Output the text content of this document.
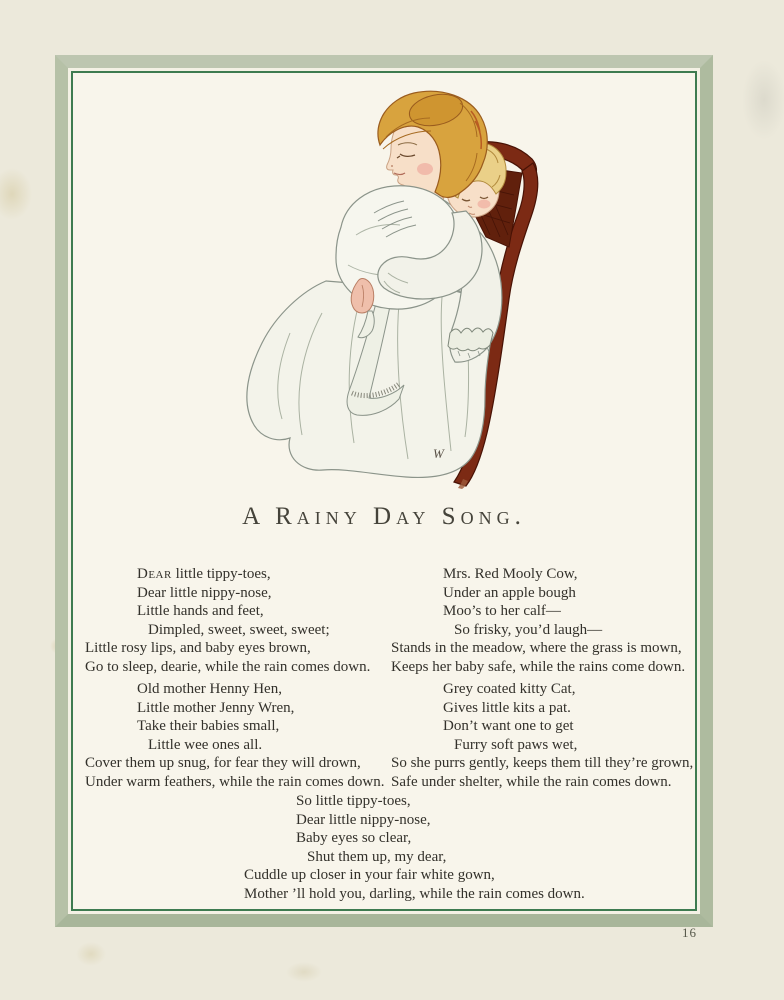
W
A Rainy Day Song.
Dear little tippy-toes,
Dear little nippy-nose,
Little hands and feet,
Dimpled, sweet, sweet, sweet;
Little rosy lips, and baby eyes brown,
Go to sleep, dearie, while the rain comes down.
Mrs. Red Mooly Cow,
Under an apple bough
Moo’s to her calf—
So frisky, you’d laugh—
Stands in the meadow, where the grass is mown,
Keeps her baby safe, while the rains come down.
Old mother Henny Hen,
Little mother Jenny Wren,
Take their babies small,
Little wee ones all.
Cover them up snug, for fear they will drown,
Under warm feathers, while the rain comes down.
Grey coated kitty Cat,
Gives little kits a pat.
Don’t want one to get
Furry soft paws wet,
So she purrs gently, keeps them till they’re grown,
Safe under shelter, while the rain comes down.
So little tippy-toes,
Dear little nippy-nose,
Baby eyes so clear,
Shut them up, my dear,
Cuddle up closer in your fair white gown,
Mother ’ll hold you, darling, while the rain comes down.
16
